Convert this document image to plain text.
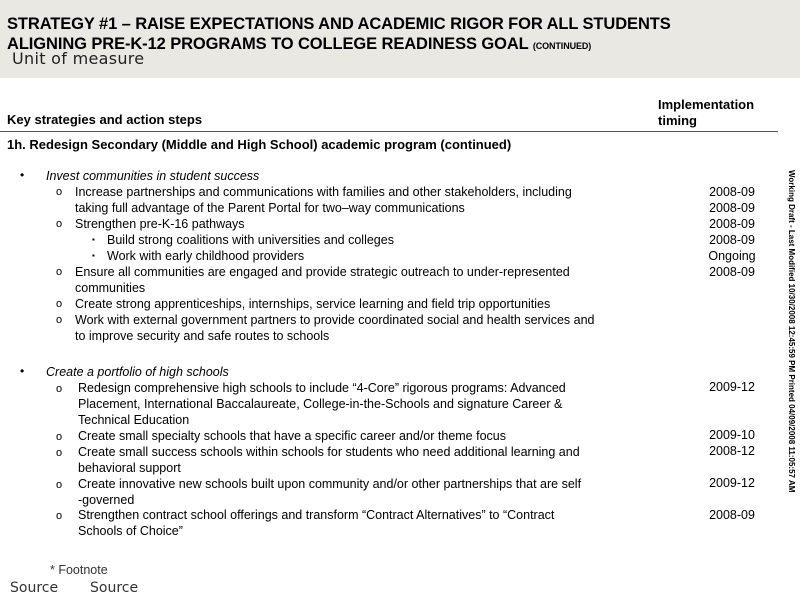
STRATEGY #1 – RAISE EXPECTATIONS AND ACADEMIC RIGOR FOR ALL STUDENTS
ALIGNING PRE-K-12 PROGRAMS TO COLLEGE READINESS GOAL (CONTINUED)
Unit of measure
Key strategies and action steps
Implementation
timing
1h. Redesign Secondary (Middle and High School) academic program (continued)
• Invest communities in student success
o Increase partnerships and communications with families and other stakeholders, including
taking full advantage of the Parent Portal for two–way communications
o Strengthen pre-K-16 pathways
▪ Build strong coalitions with universities and colleges
▪ Work with early childhood providers
o Ensure all communities are engaged and provide strategic outreach to under-represented
communities
o Create strong apprenticeships, internships, service learning and field trip opportunities
o Work with external government partners to provide coordinated social and health services and
to improve security and safe routes to schools
2008-09
2008-09
2008-09
2008-09
Ongoing
2008-09
• Create a portfolio of high schools
o Redesign comprehensive high schools to include “4-Core” rigorous programs: Advanced
Placement, International Baccalaureate, College-in-the-Schools and signature Career &
Technical Education
o Create small specialty schools that have a specific career and/or theme focus
o Create small success schools within schools for students who need additional learning and
behavioral support
o Create innovative new schools built upon community and/or other partnerships that are self
-governed
o Strengthen contract school offerings and transform “Contract Alternatives” to “Contract
Schools of Choice”
2009-12
2009-10
2008-12
2009-12
2008-09
Working Draft - Last Modified 10/30/2008 12:45:59 PM Printed 04/09/2008 11:05:57 AM
* Footnote
Source Source
